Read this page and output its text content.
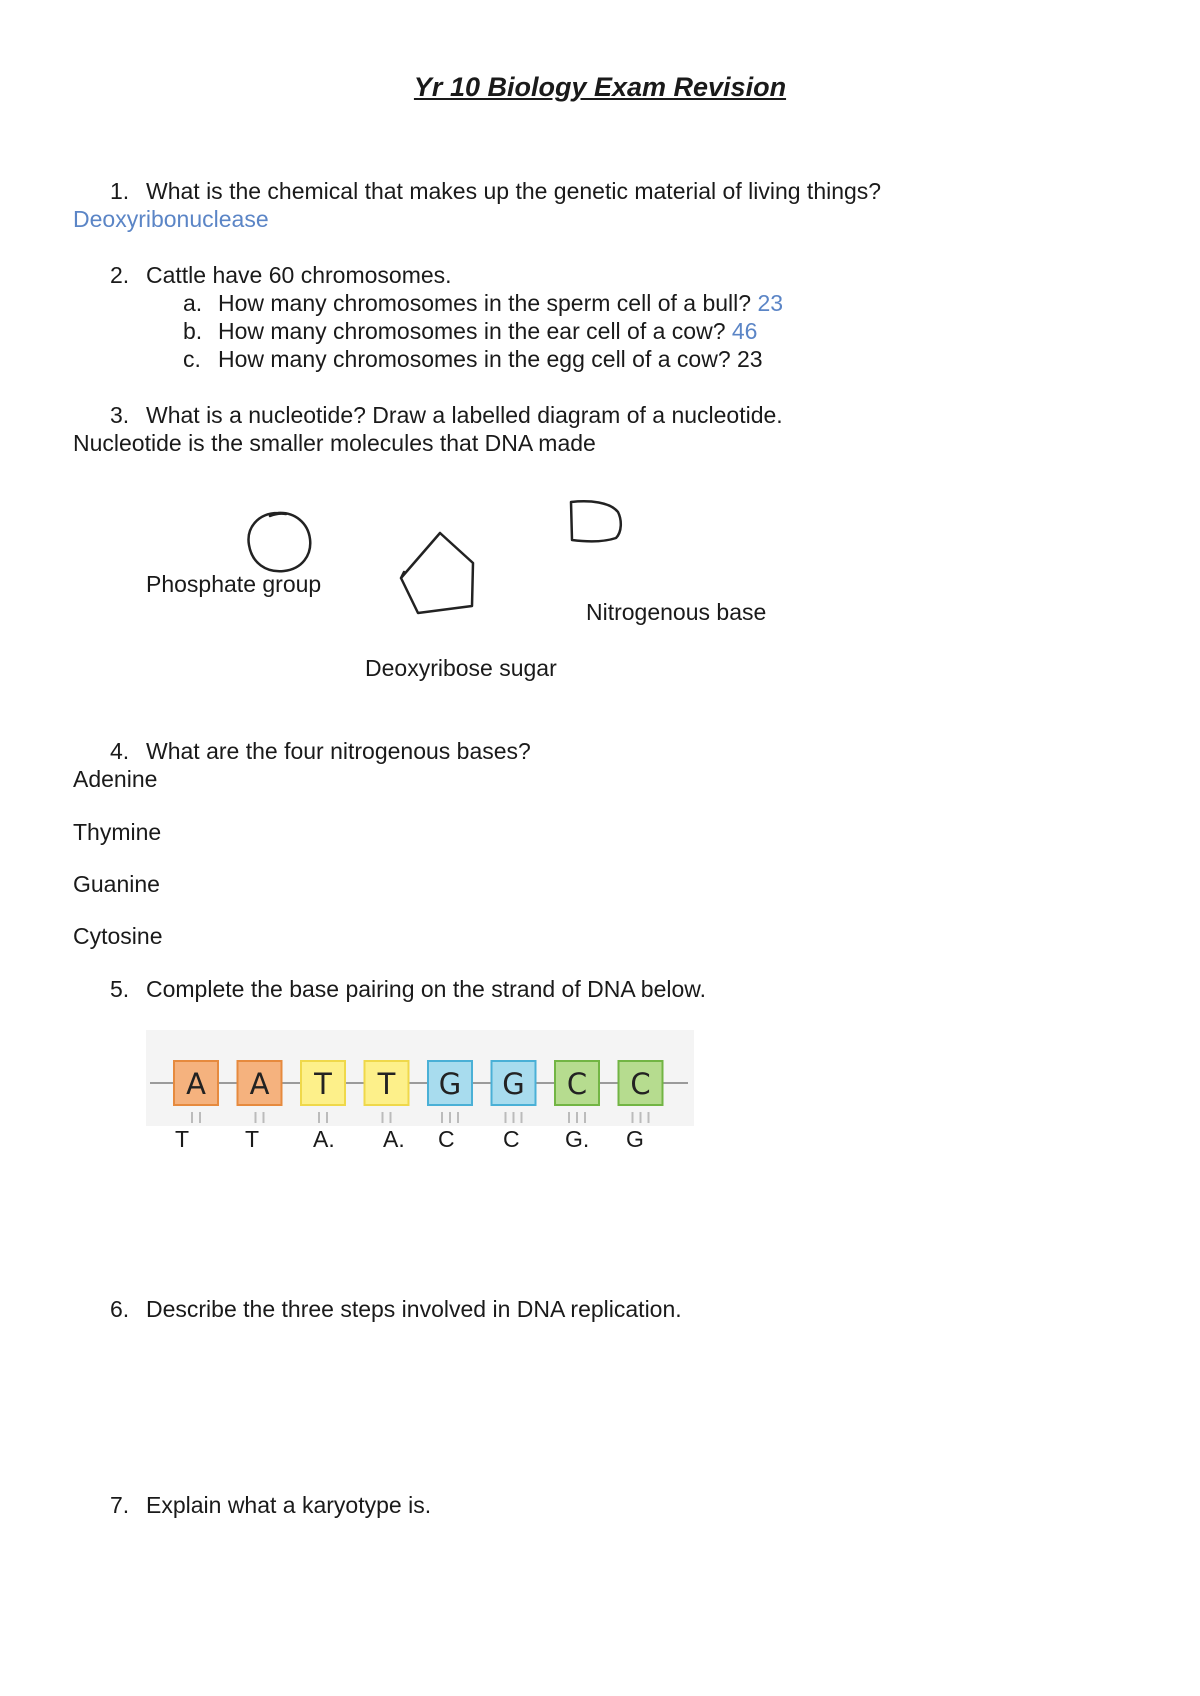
Yr 10 Biology Exam Revision
1. What is the chemical that makes up the genetic material of living things?
Deoxyribonuclease
2. Cattle have 60 chromosomes.
a. How many chromosomes in the sperm cell of a bull? 23
b. How many chromosomes in the ear cell of a cow? 46
c. How many chromosomes in the egg cell of a cow? 23
3. What is a nucleotide? Draw a labelled diagram of a nucleotide.
Nucleotide is the smaller molecules that DNA made
Phosphate group
Nitrogenous base
Deoxyribose sugar
4. What are the four nitrogenous bases?
Adenine
Thymine
Guanine
Cytosine
5. Complete the base pairing on the strand of DNA below.
A
T
A
T
T
A.
T
A.
G
C
G
C
C
G.
C
G
6. Describe the three steps involved in DNA replication.
7. Explain what a karyotype is.
